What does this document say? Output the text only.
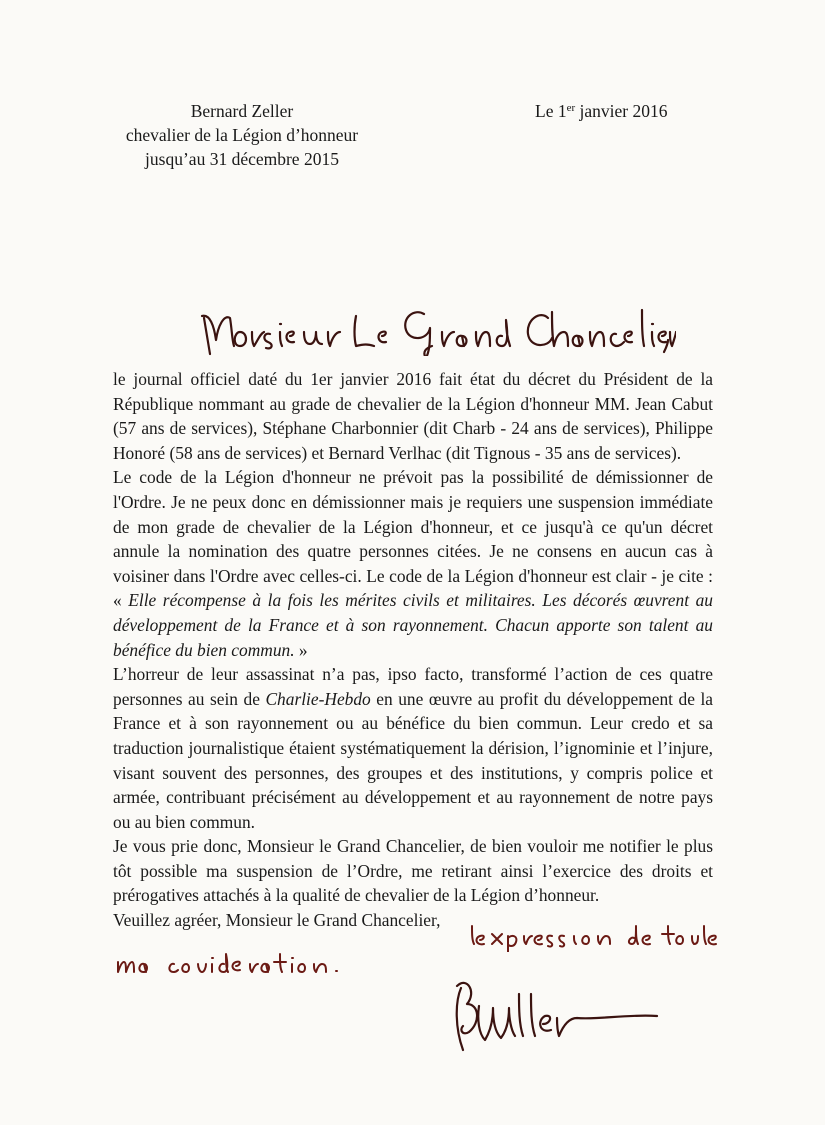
Bernard Zeller
chevalier de la Légion d’honneur
jusqu’au 31 décembre 2015
Le 1er janvier 2016

le journal officiel daté du 1er janvier 2016 fait état du décret du Président de la République nommant au grade de chevalier de la Légion d'honneur MM. Jean Cabut (57 ans de services), Stéphane Charbonnier (dit Charb - 24 ans de services), Philippe Honoré (58 ans de services) et Bernard Verlhac (dit Tignous - 35 ans de services).

Le code de la Légion d'honneur ne prévoit pas la possibilité de démissionner de l'Ordre. Je ne peux donc en démissionner mais je requiers une suspension immédiate de mon grade de chevalier de la Légion d'honneur, et ce jusqu'à ce qu'un décret annule la nomination des quatre personnes citées. Je ne consens en aucun cas à voisiner dans l'Ordre avec celles-ci. Le code de la Légion d'honneur est clair - je cite : « Elle récompense à la fois les mérites civils et militaires. Les décorés œuvrent au développement de la France et à son rayonnement. Chacun apporte son talent au bénéfice du bien commun. »

L’horreur de leur assassinat n’a pas, ipso facto, transformé l’action de ces quatre personnes au sein de Charlie-Hebdo en une œuvre au profit du développement de la France et à son rayonnement ou au bénéfice du bien commun. Leur credo et sa traduction journalistique étaient systématiquement la dérision, l’ignominie et l’injure, visant souvent des personnes, des groupes et des institutions, y compris police et armée, contribuant précisément au développement et au rayonnement de notre pays ou au bien commun.

Je vous prie donc, Monsieur le Grand Chancelier, de bien vouloir me notifier le plus tôt possible ma suspension de l’Ordre, me retirant ainsi l’exercice des droits et prérogatives attachés à la qualité de chevalier de la Légion d’honneur.

Veuillez agréer, Monsieur le Grand Chancelier,
